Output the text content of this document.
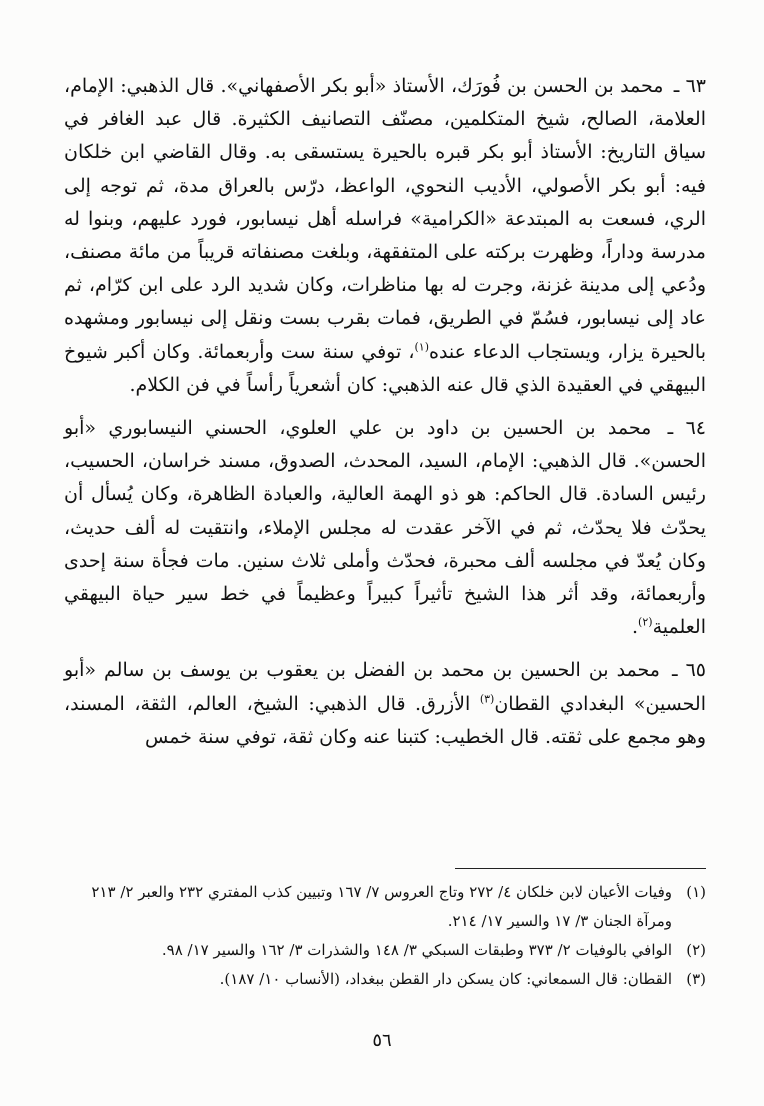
٦٣ ـ محمد بن الحسن بن فُورَك، الأستاذ «أبو بكر الأصفهاني». قال الذهبي: الإمام، العلامة، الصالح، شيخ المتكلمين، مصنّف التصانيف الكثيرة. قال عبد الغافر في سياق التاريخ: الأستاذ أبو بكر قبره بالحيرة يستسقى به. وقال القاضي ابن خلكان فيه: أبو بكر الأصولي، الأديب النحوي، الواعظ، درّس بالعراق مدة، ثم توجه إلى الري، فسعت به المبتدعة «الكرامية» فراسله أهل نيسابور، فورد عليهم، وبنوا له مدرسة وداراً، وظهرت بركته على المتفقهة، وبلغت مصنفاته قريباً من مائة مصنف، ودُعي إلى مدينة غزنة، وجرت له بها مناظرات، وكان شديد الرد على ابن كرّام، ثم عاد إلى نيسابور، فسُمّ في الطريق، فمات بقرب بست ونقل إلى نيسابور ومشهده بالحيرة يزار، ويستجاب الدعاء عنده$^{(١)}$، توفي سنة ست وأربعمائة. وكان أكبر شيوخ البيهقي في العقيدة الذي قال عنه الذهبي: كان أشعرياً رأساً في فن الكلام.

٦٤ ـ محمد بن الحسين بن داود بن علي العلوي، الحسني النيسابوري «أبو الحسن». قال الذهبي: الإمام، السيد، المحدث، الصدوق، مسند خراسان، الحسيب، رئيس السادة. قال الحاكم: هو ذو الهمة العالية، والعبادة الظاهرة، وكان يُسأل أن يحدّث فلا يحدّث، ثم في الآخر عقدت له مجلس الإملاء، وانتقيت له ألف حديث، وكان يُعدّ في مجلسه ألف محبرة، فحدّث وأملى ثلاث سنين. مات فجأة سنة إحدى وأربعمائة، وقد أثر هذا الشيخ تأثيراً كبيراً وعظيماً في خط سير حياة البيهقي العلمية$^{(٢)}$.

٦٥ ـ محمد بن الحسين بن محمد بن الفضل بن يعقوب بن يوسف بن سالم «أبو الحسين» البغدادي القطان$^{(٣)}$ الأزرق. قال الذهبي: الشيخ، العالم، الثقة، المسند، وهو مجمع على ثقته. قال الخطيب: كتبنا عنه وكان ثقة، توفي سنة خمس

(١)
وفيات الأعيان لابن خلكان ٤/ ٢٧٢ وتاج العروس ٧/ ١٦٧ وتبيين كذب المفتري ٢٣٢ والعبر ٢/ ٢١٣ ومرآة الجنان ٣/ ١٧ والسير ١٧/ ٢١٤.
(٢)
الوافي بالوفيات ٢/ ٣٧٣ وطبقات السبكي ٣/ ١٤٨ والشذرات ٣/ ١٦٢ والسير ١٧/ ٩٨.
(٣)
القطان: قال السمعاني: كان يسكن دار القطن ببغداد، (الأنساب ١٠/ ١٨٧).
٥٦
